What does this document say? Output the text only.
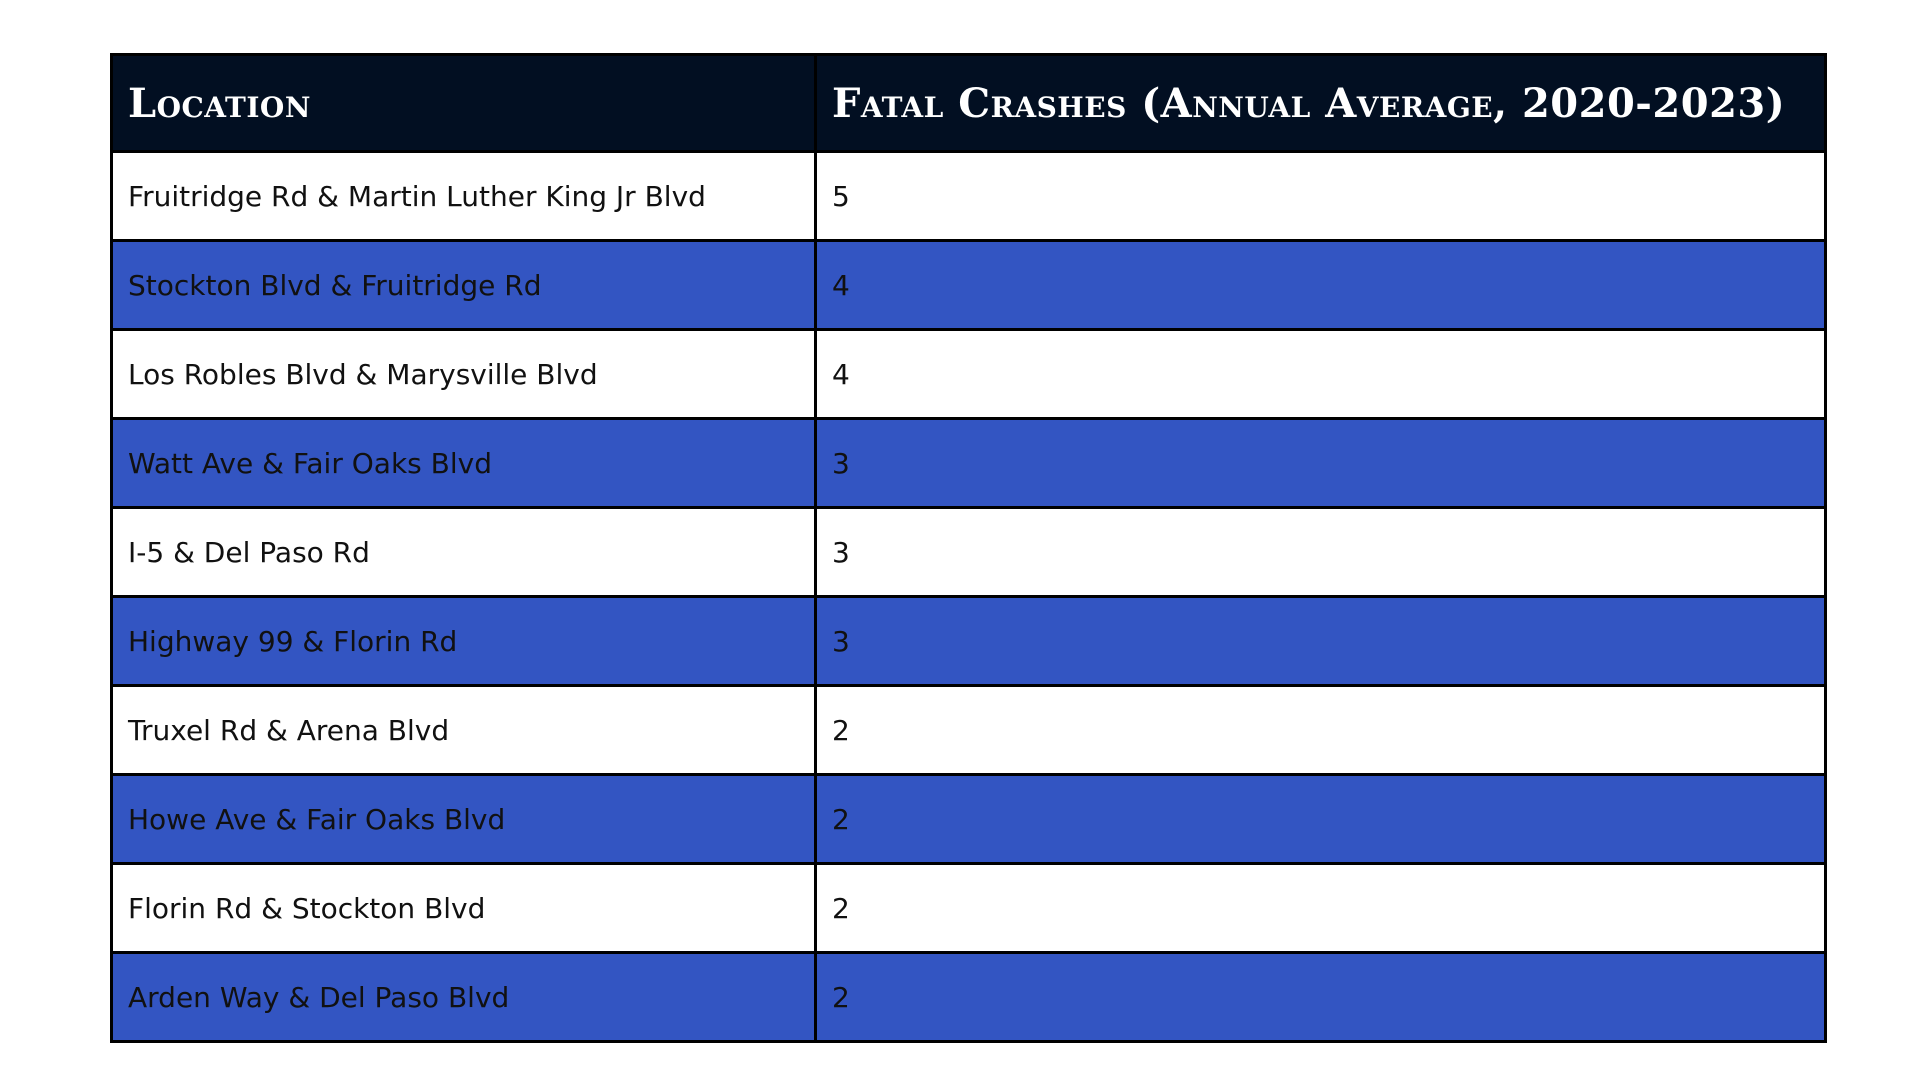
Location	Fatal Crashes (Annual Average, 2020-2023)
Fruitridge Rd & Martin Luther King Jr Blvd	5
Stockton Blvd & Fruitridge Rd	4
Los Robles Blvd & Marysville Blvd	4
Watt Ave & Fair Oaks Blvd	3
I-5 & Del Paso Rd	3
Highway 99 & Florin Rd	3
Truxel Rd & Arena Blvd	2
Howe Ave & Fair Oaks Blvd	2
Florin Rd & Stockton Blvd	2
Arden Way & Del Paso Blvd	2
